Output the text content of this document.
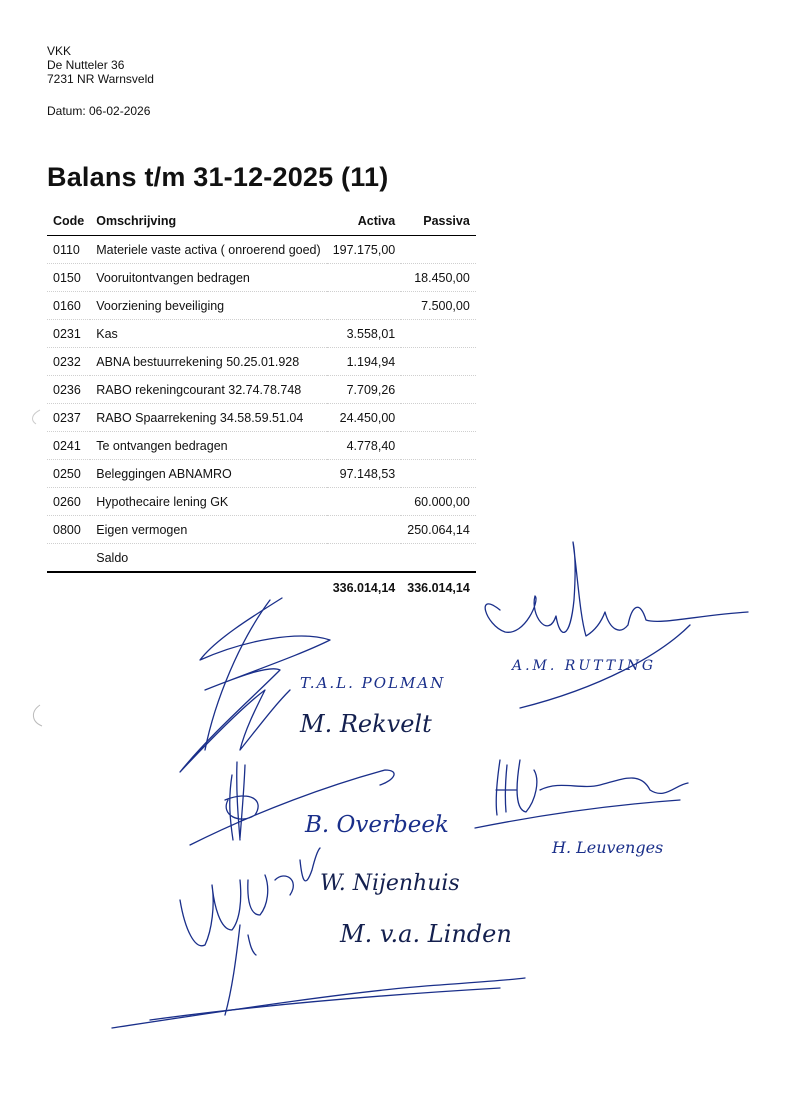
VKK
De Nutteler 36
7231 NR Warnsveld
Datum: 06-02-2026
Balans t/m 31-12-2025 (11)
Code	Omschrijving	Activa	Passiva
0110	Materiele vaste activa ( onroerend goed)	197.175,00	
0150	Vooruitontvangen bedragen		18.450,00
0160	Voorziening beveiliging		7.500,00
0231	Kas	3.558,01	
0232	ABNA bestuurrekening 50.25.01.928	1.194,94	
0236	RABO rekeningcourant 32.74.78.748	7.709,26	
0237	RABO Spaarrekening 34.58.59.51.04	24.450,00	
0241	Te ontvangen bedragen	4.778,40	
0250	Beleggingen ABNAMRO	97.148,53	
0260	Hypothecaire lening GK		60.000,00
0800	Eigen vermogen		250.064,14
	Saldo		
		336.014,14	336.014,14
T.A.L. POLMAN
A.M. RUTTING
M. Rekvelt
B. Overbeek
H. Leuvenges
W. Nijenhuis
M. v.a. Linden
